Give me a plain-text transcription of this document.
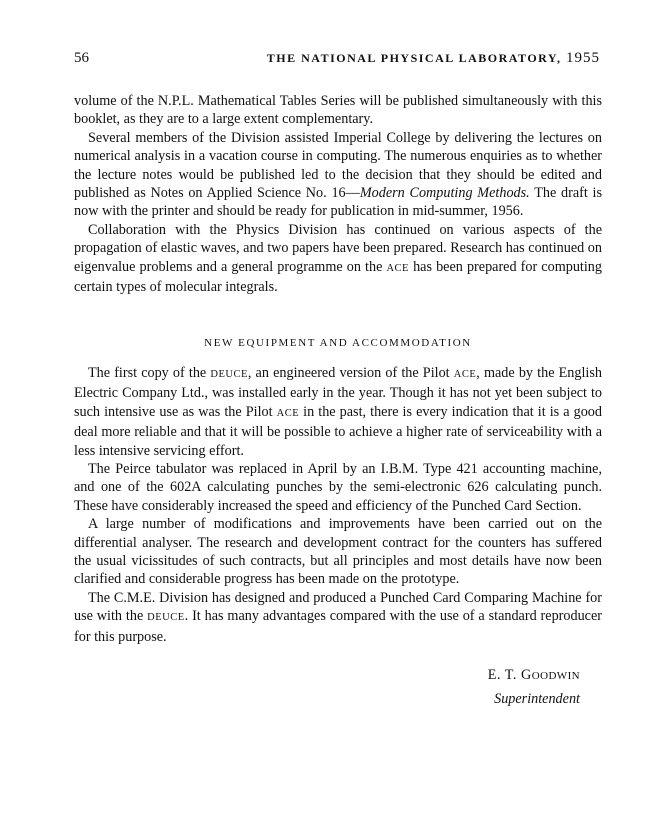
56	THE NATIONAL PHYSICAL LABORATORY, 1955

volume of the N.P.L. Mathematical Tables Series will be published simultaneously with this booklet, as they are to a large extent complementary.

Several members of the Division assisted Imperial College by delivering the lectures on numerical analysis in a vacation course in computing. The numerous enquiries as to whether the lecture notes would be published led to the decision that they should be edited and published as Notes on Applied Science No. 16—Modern Computing Methods. The draft is now with the printer and should be ready for publication in mid-summer, 1956.

Collaboration with the Physics Division has continued on various aspects of the propagation of elastic waves, and two papers have been prepared. Research has continued on eigenvalue problems and a general programme on the ACE has been prepared for computing certain types of molecular integrals.

NEW EQUIPMENT AND ACCOMMODATION

The first copy of the DEUCE, an engineered version of the Pilot ACE, made by the English Electric Company Ltd., was installed early in the year. Though it has not yet been subject to such intensive use as was the Pilot ACE in the past, there is every indication that it is a good deal more reliable and that it will be possible to achieve a higher rate of serviceability with a less intensive servicing effort.

The Peirce tabulator was replaced in April by an I.B.M. Type 421 accounting machine, and one of the 602A calculating punches by the semi-electronic 626 calculating punch. These have considerably increased the speed and efficiency of the Punched Card Section.

A large number of modifications and improvements have been carried out on the differential analyser. The research and development contract for the counters has suffered the usual vicissitudes of such contracts, but all principles and most details have now been clarified and considerable progress has been made on the prototype.

The C.M.E. Division has designed and produced a Punched Card Comparing Machine for use with the DEUCE. It has many advantages compared with the use of a standard reproducer for this purpose.

E. T. GOODWIN
Superintendent
